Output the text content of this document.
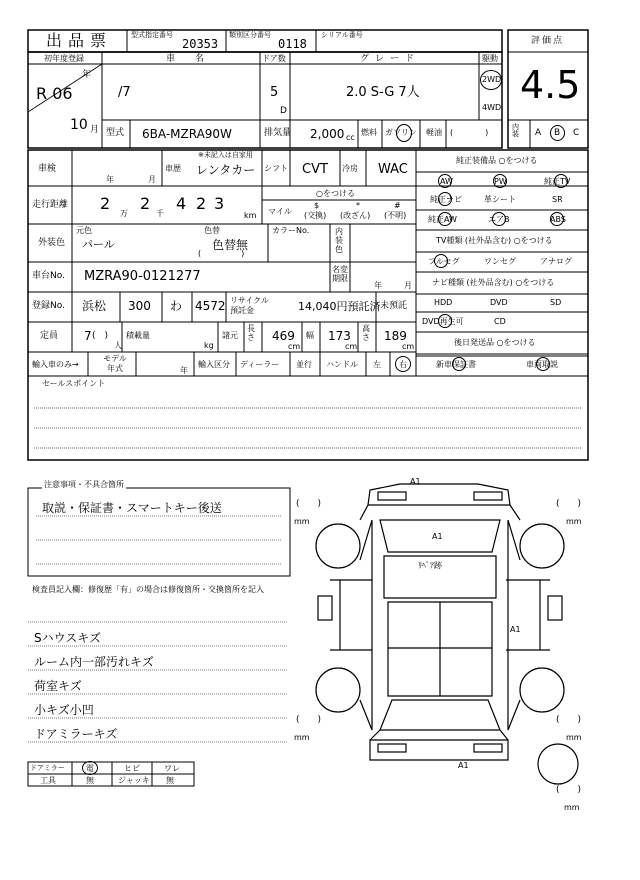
出品票	型式指定番号
20353
類別区分番号
0118
シリアル番号
評価点
4.5
初年度登録
R 06
年
10 月
車名
/7
ドア数
5
D
グレード
2.0 S-G 7人
駆動
2WD
4WD
型式 6BA-MZRA90W	排気量 2,000 cc
燃料 ガソリン 軽油 (　　　　)
内装	A B C
車検
年	月
※未記入は自家用
車歴 レンタカー シフト CVT 冷房 WAC
走行距離 2
万
2
千
4 2 3
km
○をつける
マイル
$
(交換)
*
(改ざん)
#
(不明)
外装色
元色
パール
色替
色替無
(　　　　　)
カラーNo.	内装色
車台No. MZRA90-0121277	名変期限
年	月
登録No. 浜松 300 わ 4572 リサイクル預託金	14,040円預託済 未預託
定員 7 (　)
人
積載量
kg
諸元
長さ 469
cm
幅 173
cm
高さ 189
cm
輸入車のみ→
モデル年式	年
輸入区分 ディーラー 並行 ハンドル 左 右
セールスポイント
純正装備品 ○をつける
AW	PW	純正TV
純正ナビ	革シート	SR
純正AW	エアB	ABS
TV種類 (社外品含む) ○をつける
フルセグ	ワンセグ	アナログ
ナビ種類 (社外品含む) ○をつける
HDD	DVD	SD
DVD再生可	CD
後日発送品 ○をつける
新車保証書	車両取説
注意事項・不具合箇所
取説・保証書・スマートキー後送
検査員記入欄：修復歴「有」の場合は修復箇所・交換箇所を記入
Sハウスキズ
ルーム内一部汚れキズ
荷室キズ
小キズ小凹
ドアミラーキズ
ドアミラー	電	ヒビ	ワレ
工具	無	ジャッキ 無
A1
A1
ﾘﾍﾟｱ跡
A1
A1
(　　)
mm
(　　)
mm
(　　)
mm
(　　)
mm
(　　)
mm
